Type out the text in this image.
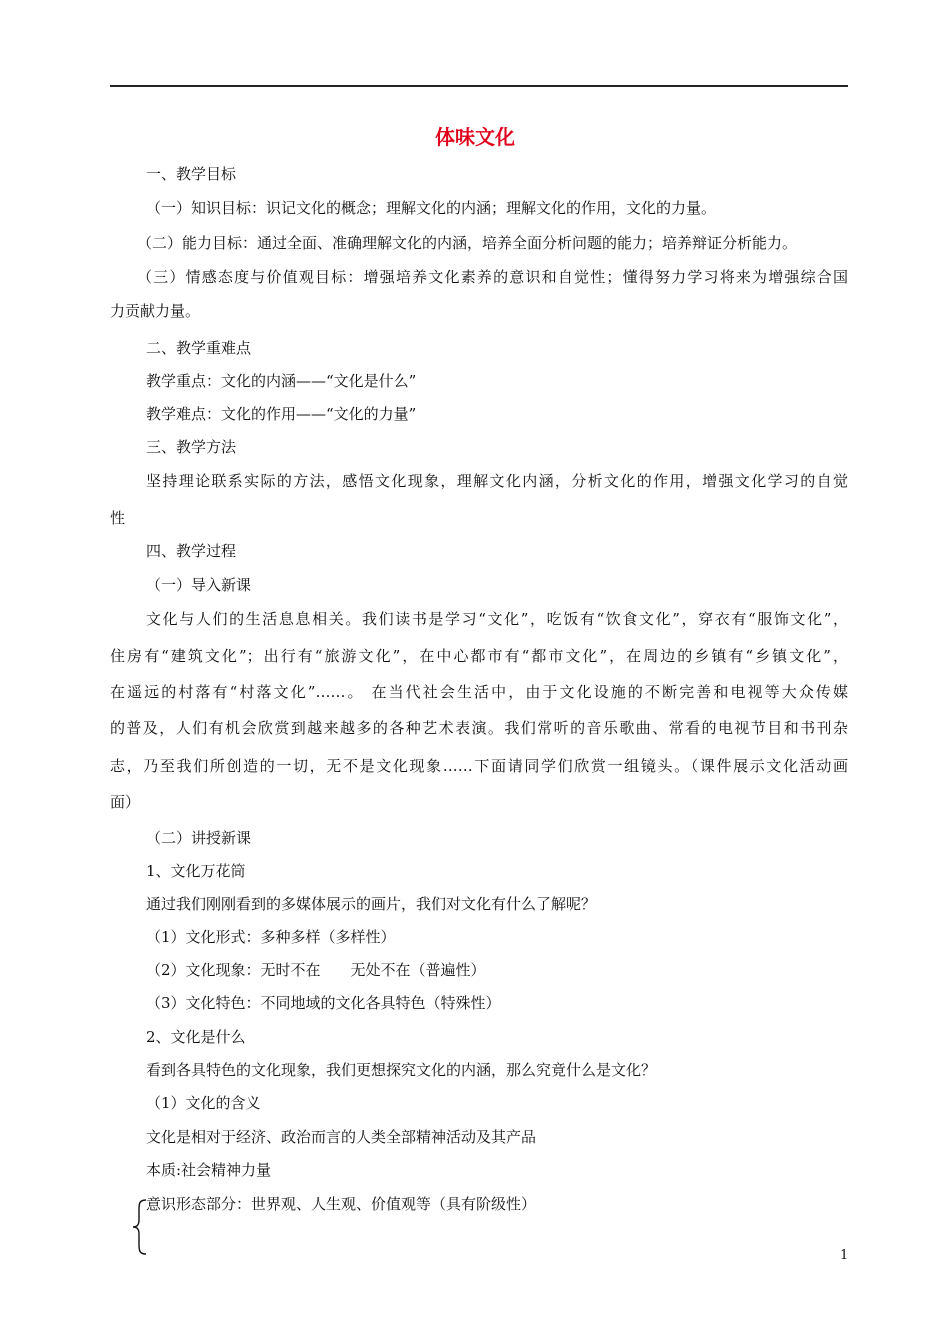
体味文化
一、教学目标
（一）知识目标：识记文化的概念；理解文化的内涵；理解文化的作用，文化的力量。
（二）能力目标：通过全面、准确理解文化的内涵，培养全面分析问题的能力；培养辩证分析能力。
（三）情感态度与价值观目标：增强培养文化素养的意识和自觉性；懂得努力学习将来为增强综合国
力贡献力量。
二、教学重难点
教学重点：文化的内涵——“文化是什么”
教学难点：文化的作用——“文化的力量”
三、教学方法
坚持理论联系实际的方法，感悟文化现象，理解文化内涵，分析文化的作用，增强文化学习的自觉
性
四、教学过程
（一）导入新课
文化与人们的生活息息相关。我们读书是学习“文化”，吃饭有“饮食文化”，穿衣有“服饰文化”，
住房有“建筑文化”；出行有“旅游文化”，在中心都市有“都市文化”，在周边的乡镇有“乡镇文化”，
在遥远的村落有“村落文化”……。 在当代社会生活中，由于文化设施的不断完善和电视等大众传媒
的普及，人们有机会欣赏到越来越多的各种艺术表演。我们常听的音乐歌曲、常看的电视节目和书刊杂
志，乃至我们所创造的一切，无不是文化现象……下面请同学们欣赏一组镜头。（课件展示文化活动画
面）
（二）讲授新课
1、文化万花筒
通过我们刚刚看到的多媒体展示的画片，我们对文化有什么了解呢？
（1）文化形式：多种多样（多样性）
（2）文化现象：无时不在　　无处不在（普遍性）
（3）文化特色：不同地域的文化各具特色（特殊性）
2、文化是什么
看到各具特色的文化现象，我们更想探究文化的内涵，那么究竟什么是文化？
（1）文化的含义
文化是相对于经济、政治而言的人类全部精神活动及其产品
本质:社会精神力量
意识形态部分：世界观、人生观、价值观等（具有阶级性）
1
